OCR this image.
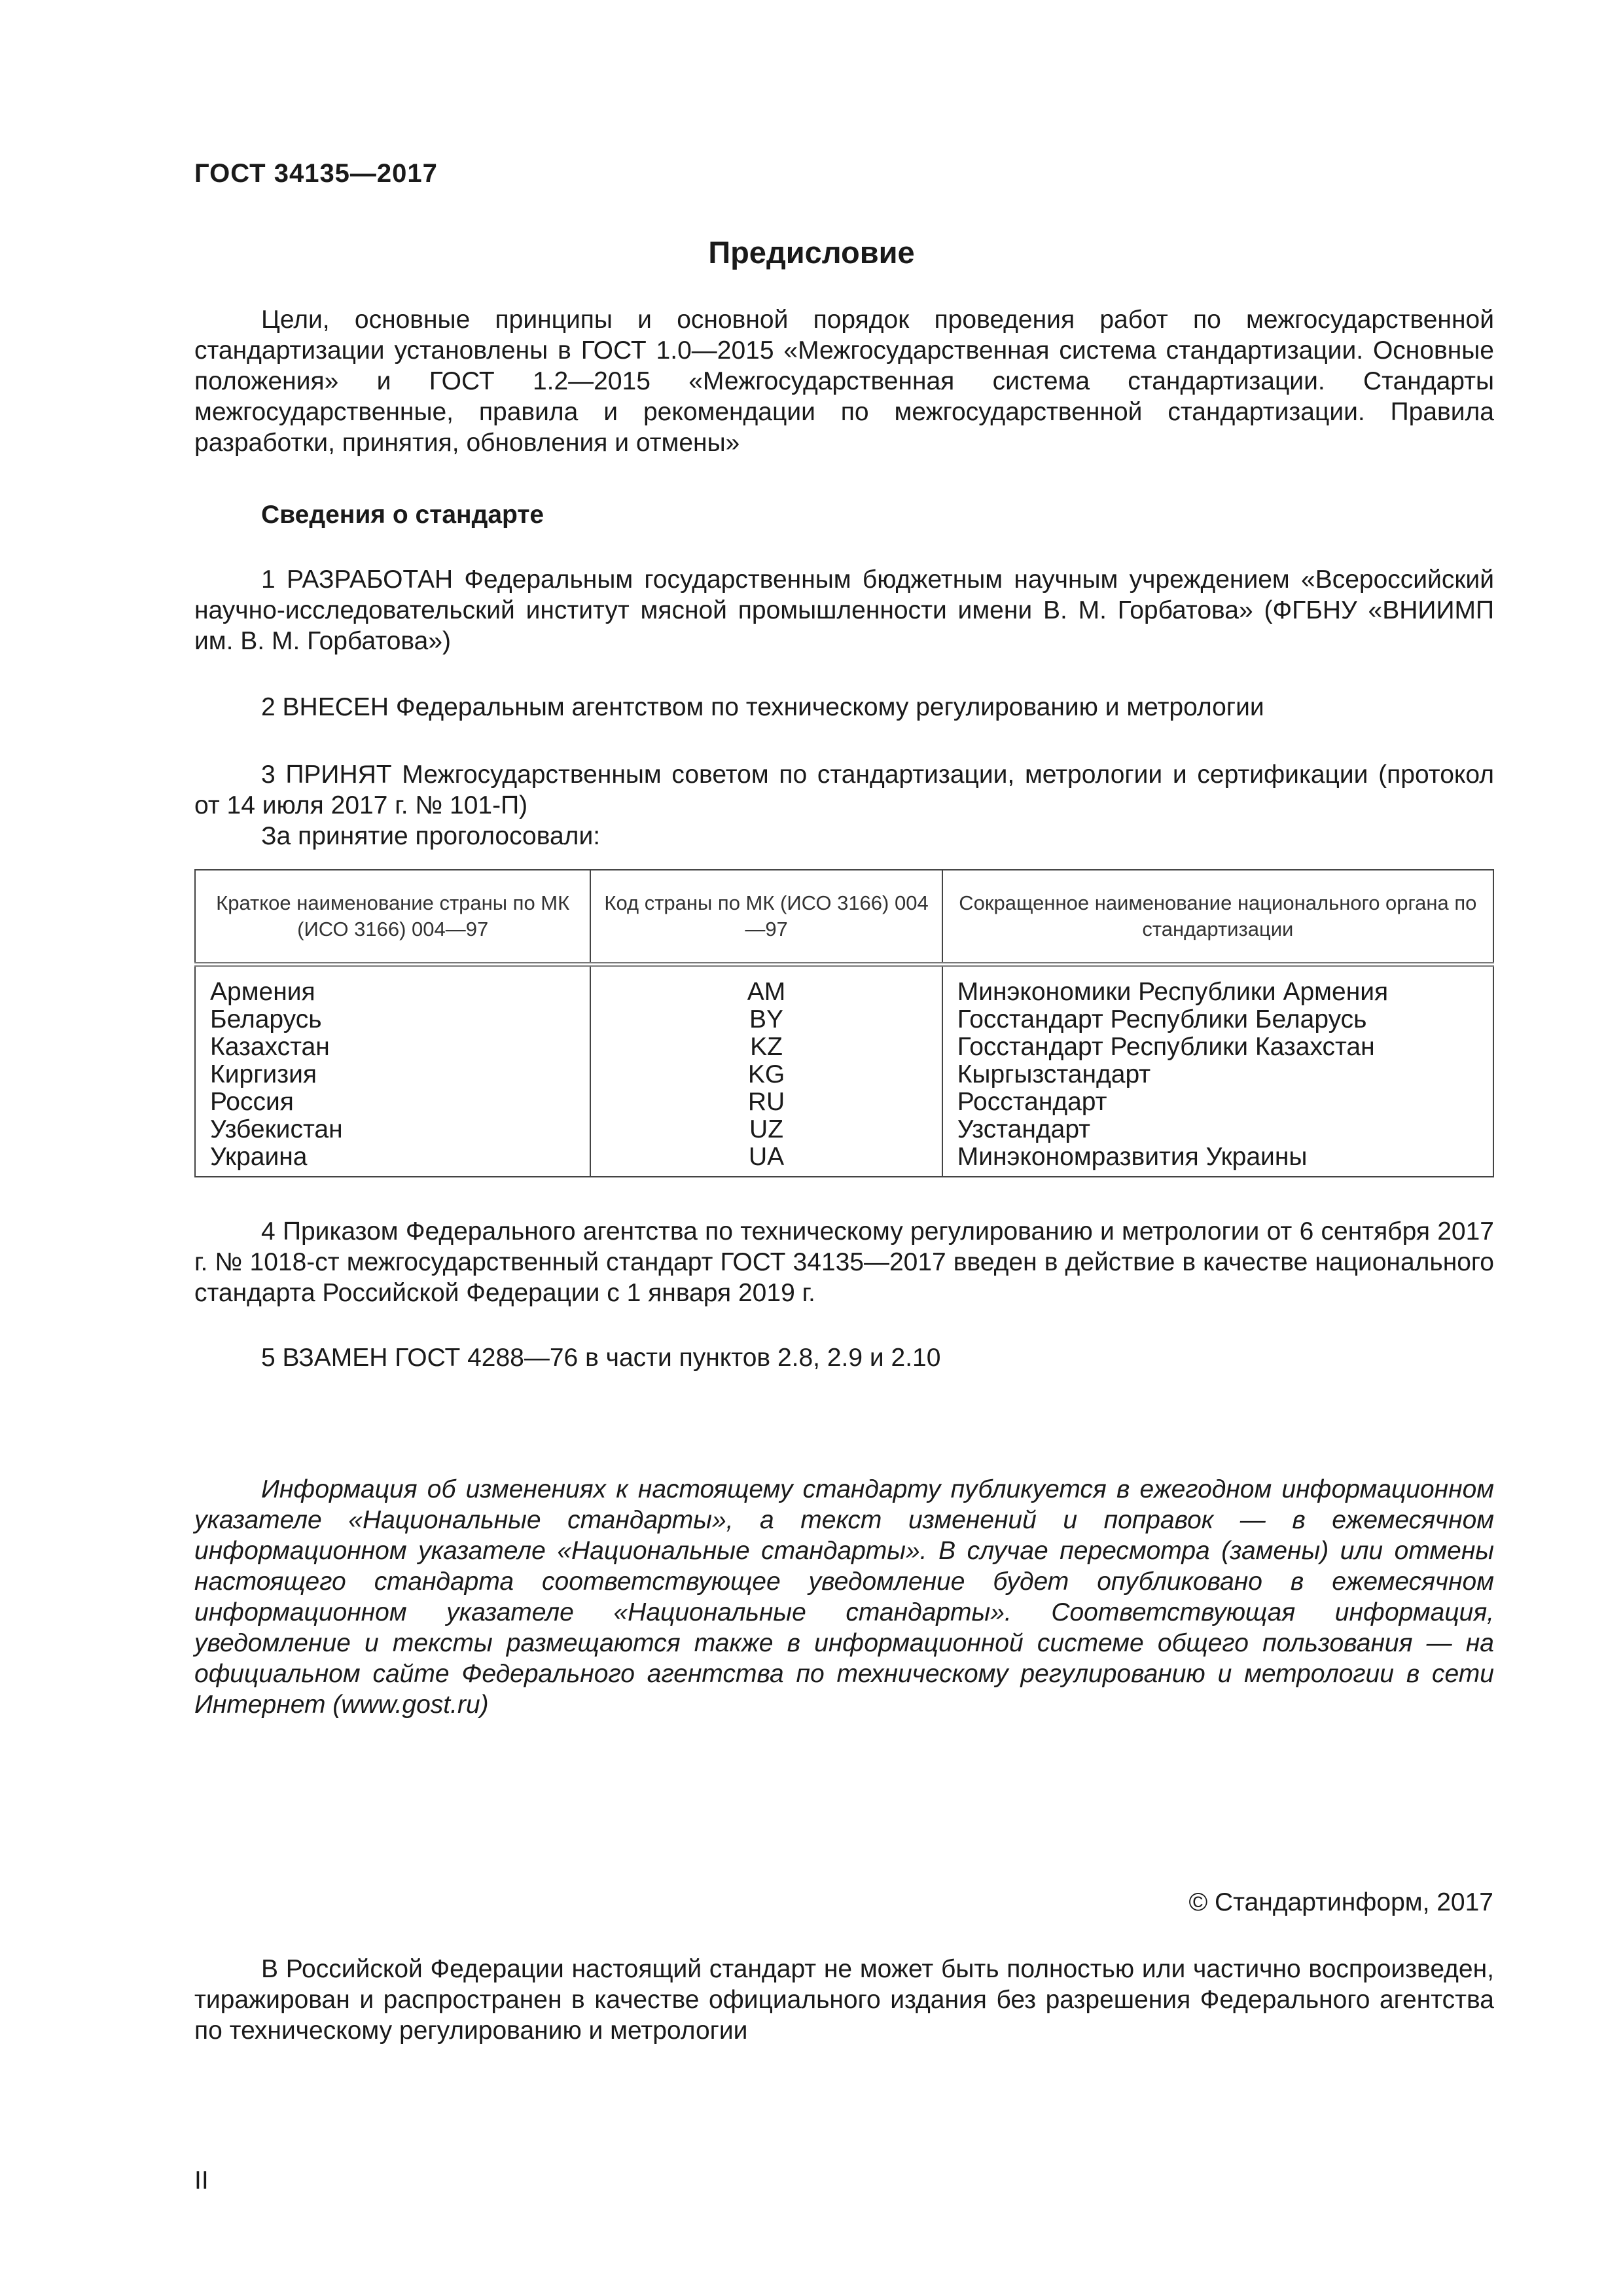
ГОСТ 34135—2017
Предисловие

Цели, основные принципы и основной порядок проведения работ по межгосударственной стандартизации установлены в ГОСТ 1.0—2015 «Межгосударственная система стандартизации. Основные положения» и ГОСТ 1.2—2015 «Межгосударственная система стандартизации. Стандарты межгосударственные, правила и рекомендации по межгосударственной стандартизации. Правила разработки, принятия, обновления и отмены»

Сведения о стандарте

1 РАЗРАБОТАН Федеральным государственным бюджетным научным учреждением «Всероссийский научно-исследовательский институт мясной промышленности имени В. М. Горбатова» (ФГБНУ «ВНИИМП им. В. М. Горбатова»)

2 ВНЕСЕН Федеральным агентством по техническому регулированию и метрологии

3 ПРИНЯТ Межгосударственным советом по стандартизации, метрологии и сертификации (протокол от 14 июля 2017 г. № 101-П)

За принятие проголосовали:

Краткое наименование страны по МК (ИСО 3166) 004—97	Код страны по МК (ИСО 3166) 004—97	Сокращенное наименование национального органа по стандартизации
Армения	AM	Минэкономики Республики Армения
Беларусь	BY	Госстандарт Республики Беларусь
Казахстан	KZ	Госстандарт Республики Казахстан
Киргизия	KG	Кыргызстандарт
Россия	RU	Росстандарт
Узбекистан	UZ	Узстандарт
Украина	UA	Минэкономразвития Украины

4 Приказом Федерального агентства по техническому регулированию и метрологии от 6 сентября 2017 г. № 1018-ст межгосударственный стандарт ГОСТ 34135—2017 введен в действие в качестве национального стандарта Российской Федерации с 1 января 2019 г.

5 ВЗАМЕН ГОСТ 4288—76 в части пунктов 2.8, 2.9 и 2.10

Информация об изменениях к настоящему стандарту публикуется в ежегодном информационном указателе «Национальные стандарты», а текст изменений и поправок — в ежемесячном информационном указателе «Национальные стандарты». В случае пересмотра (замены) или отмены настоящего стандарта соответствующее уведомление будет опубликовано в ежемесячном информационном указателе «Национальные стандарты». Соответствующая информация, уведомление и тексты размещаются также в информационной системе общего пользования — на официальном сайте Федерального агентства по техническому регулированию и метрологии в сети Интернет (www.gost.ru)

© Стандартинформ, 2017

В Российской Федерации настоящий стандарт не может быть полностью или частично воспроизведен, тиражирован и распространен в качестве официального издания без разрешения Федерального агентства по техническому регулированию и метрологии

II
